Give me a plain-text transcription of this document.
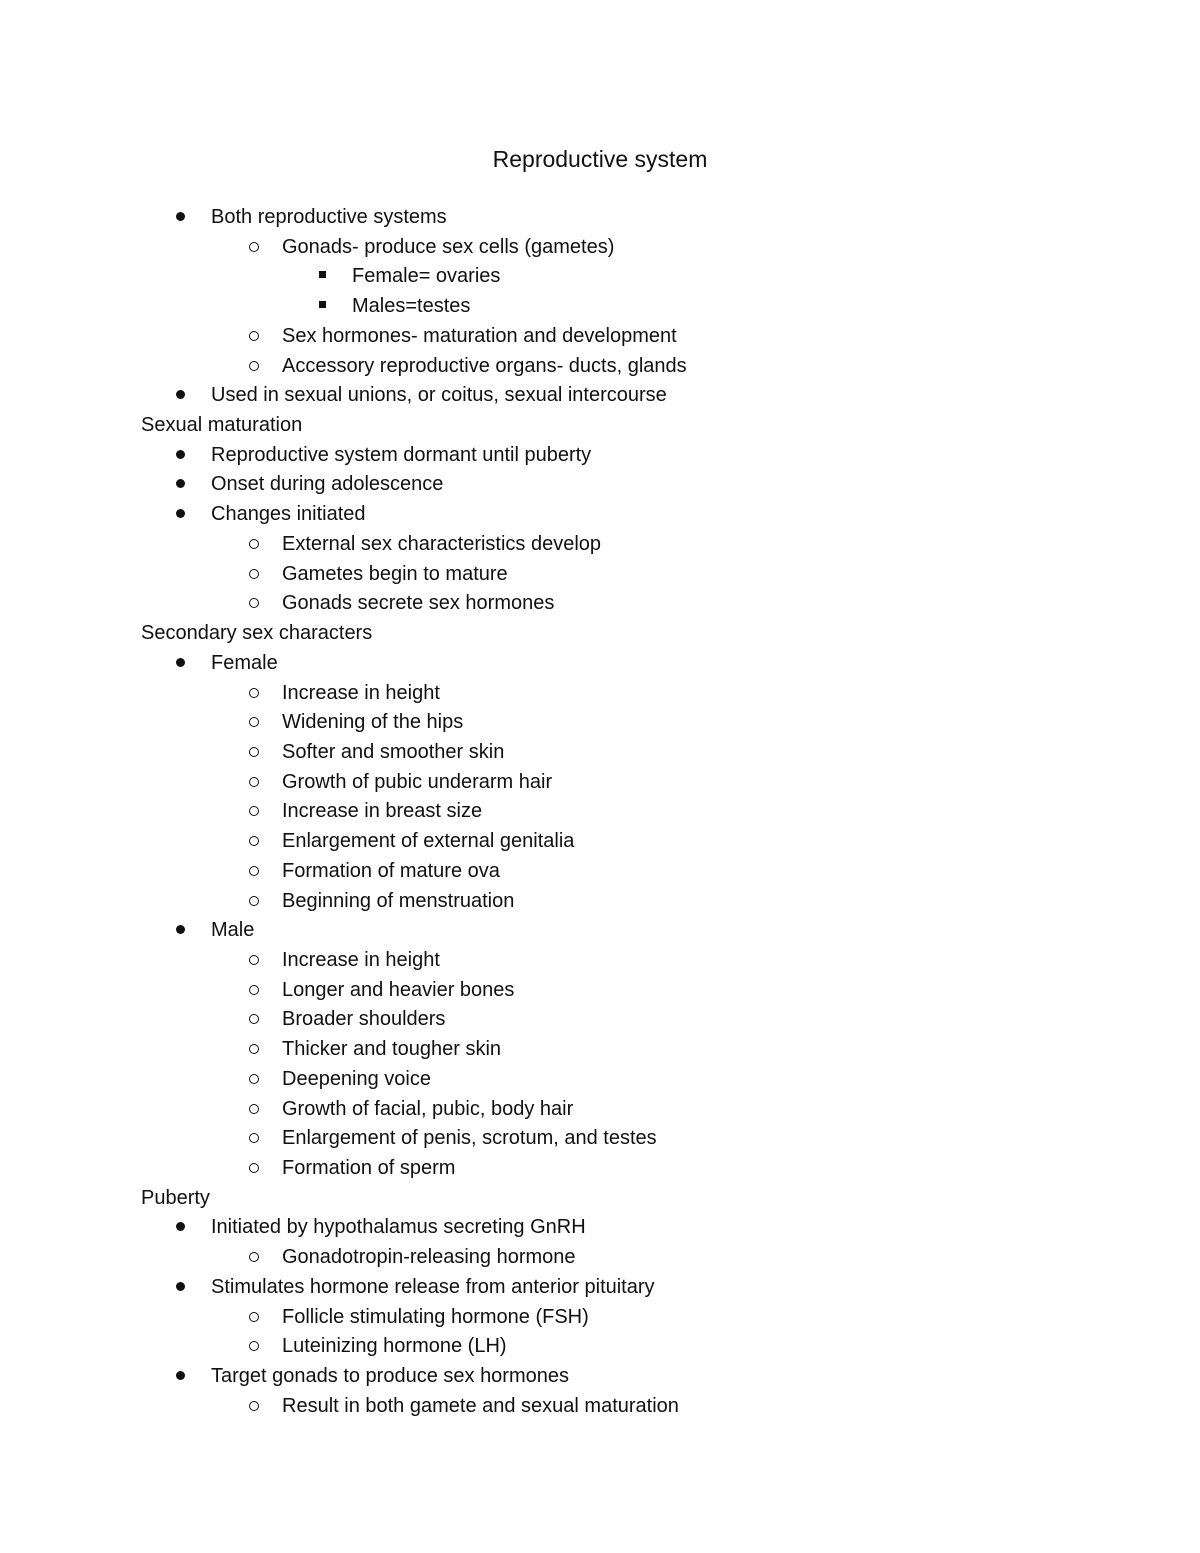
Reproductive system
Both reproductive systems
Gonads- produce sex cells (gametes)
Female= ovaries
Males=testes
Sex hormones- maturation and development
Accessory reproductive organs- ducts, glands
Used in sexual unions, or coitus, sexual intercourse
Sexual maturation
Reproductive system dormant until puberty
Onset during adolescence
Changes initiated
External sex characteristics develop
Gametes begin to mature
Gonads secrete sex hormones
Secondary sex characters
Female
Increase in height
Widening of the hips
Softer and smoother skin
Growth of pubic underarm hair
Increase in breast size
Enlargement of external genitalia
Formation of mature ova
Beginning of menstruation
Male
Increase in height
Longer and heavier bones
Broader shoulders
Thicker and tougher skin
Deepening voice
Growth of facial, pubic, body hair
Enlargement of penis, scrotum, and testes
Formation of sperm
Puberty
Initiated by hypothalamus secreting GnRH
Gonadotropin-releasing hormone
Stimulates hormone release from anterior pituitary
Follicle stimulating hormone (FSH)
Luteinizing hormone (LH)
Target gonads to produce sex hormones
Result in both gamete and sexual maturation
